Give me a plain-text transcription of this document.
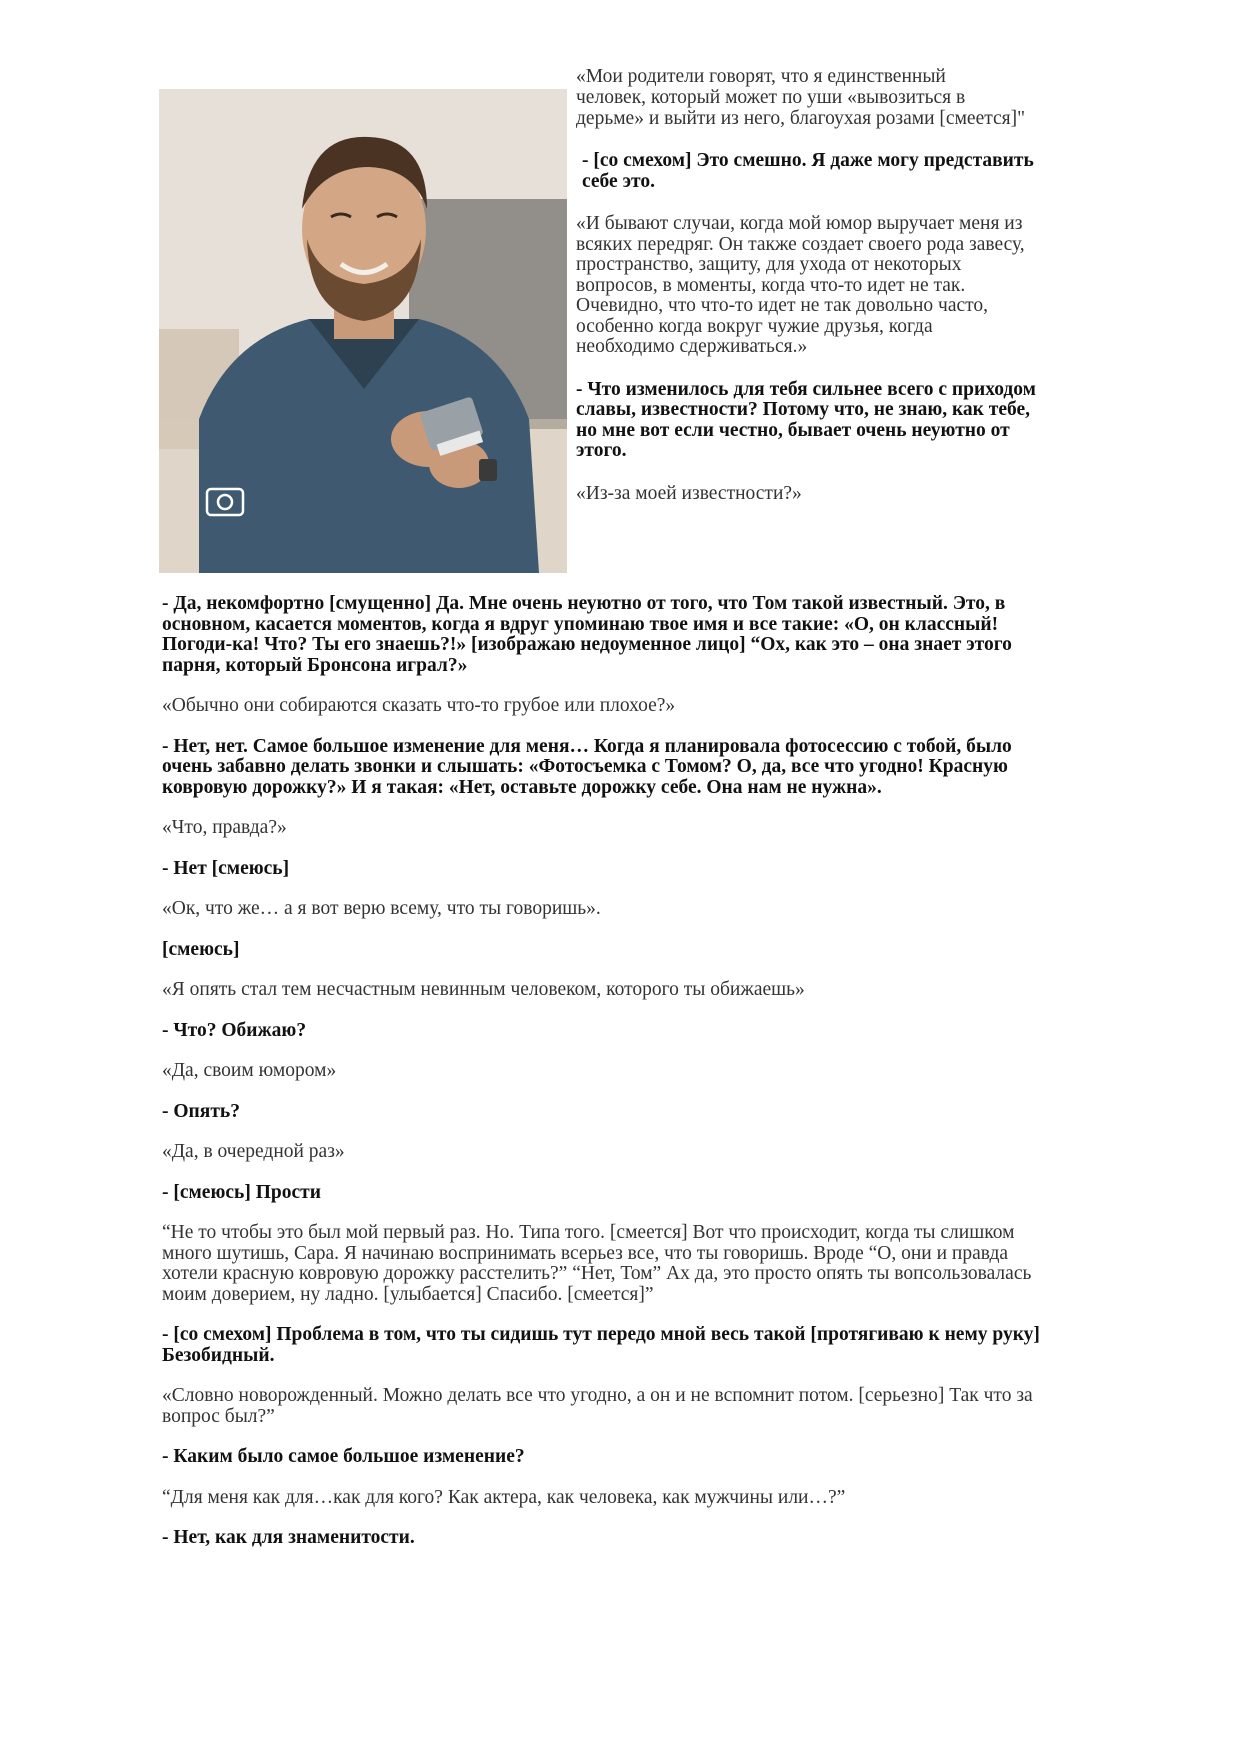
«Мои родители говорят, что я единственный

человек, который может по уши «вывозиться в дерьме» и выйти из него, благоухая розами [смеется]"

- [со смехом] Это смешно. Я даже могу представить себе это.

«И бывают случаи, когда мой юмор выручает меня из всяких передряг. Он также создает своего рода завесу, пространство, защиту, для ухода от некоторых вопросов, в моменты, когда что-то идет не так. Очевидно, что что-то идет не так довольно часто, особенно когда вокруг чужие друзья, когда необходимо сдерживаться.»

- Что изменилось для тебя сильнее всего с приходом славы, известности? Потому что, не знаю, как тебе, но мне вот если честно, бывает очень неуютно от этого.

«Из-за моей известности?»

- Да, некомфортно [смущенно] Да. Мне очень неуютно от того, что Том такой известный. Это, в основном, касается моментов, когда я вдруг упоминаю твое имя и все такие: «О, он классный! Погоди-ка! Что? Ты его знаешь?!» [изображаю недоуменное лицо] “Ох, как это – она знает этого парня, который Бронсона играл?»

«Обычно они собираются сказать что-то грубое или плохое?»

- Нет, нет. Самое большое изменение для меня… Когда я планировала фотосессию с тобой, было очень забавно делать звонки и слышать: «Фотосъемка с Томом? О, да, все что угодно! Красную ковровую дорожку?» И я такая: «Нет, оставьте дорожку себе. Она нам не нужна».

«Что, правда?»

- Нет [смеюсь]

«Ок, что же… а я вот верю всему, что ты говоришь».

[смеюсь]

«Я опять стал тем несчастным невинным человеком, которого ты обижаешь»

- Что? Обижаю?

«Да, своим юмором»

- Опять?

«Да, в очередной раз»

- [смеюсь] Прости

“Не то чтобы это был мой первый раз. Но. Типа того. [смеется] Вот что происходит, когда ты слишком много шутишь, Сара. Я начинаю воспринимать всерьез все, что ты говоришь. Вроде “О, они и правда хотели красную ковровую дорожку расстелить?” “Нет, Том” Ах да, это просто опять ты вопсользовалась моим доверием, ну ладно. [улыбается] Спасибо. [смеется]”

- [со смехом] Проблема в том, что ты сидишь тут передо мной весь такой [протягиваю к нему руку] Безобидный.

«Словно новорожденный. Можно делать все что угодно, а он и не вспомнит потом. [серьезно] Так что за вопрос был?”

- Каким было самое большое изменение?

“Для меня как для…как для кого? Как актера, как человека, как мужчины или…?”

- Нет, как для знаменитости.
